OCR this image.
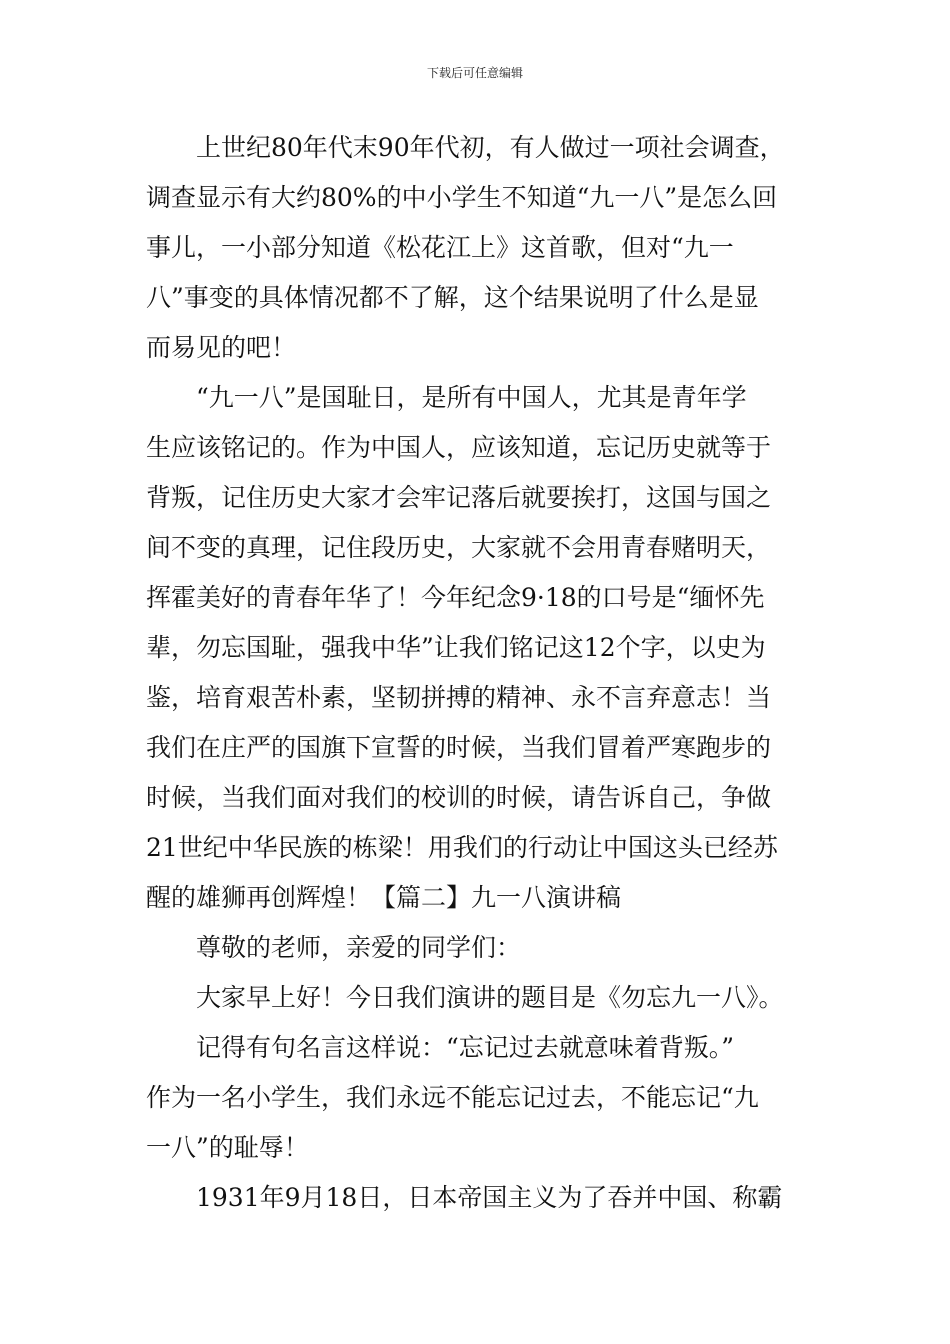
下载后可任意编辑
上世纪80年代末90年代初，有人做过一项社会调查，
调查显示有大约80%的中小学生不知道“九一八”是怎么回
事儿，一小部分知道《松花江上》这首歌，但对“九一
八”事变的具体情况都不了解，这个结果说明了什么是显
而易见的吧！
“九一八”是国耻日，是所有中国人，尤其是青年学
生应该铭记的。作为中国人，应该知道，忘记历史就等于
背叛，记住历史大家才会牢记落后就要挨打，这国与国之
间不变的真理，记住段历史，大家就不会用青春赌明天，
挥霍美好的青春年华了！今年纪念9·18的口号是“缅怀先
辈，勿忘国耻，强我中华”让我们铭记这12个字，以史为
鉴，培育艰苦朴素，坚韧拼搏的精神、永不言弃意志！当
我们在庄严的国旗下宣誓的时候，当我们冒着严寒跑步的
时候，当我们面对我们的校训的时候，请告诉自己，争做
21世纪中华民族的栋梁！用我们的行动让中国这头已经苏
醒的雄狮再创辉煌！【篇二】九一八演讲稿
尊敬的老师，亲爱的同学们：
大家早上好！今日我们演讲的题目是《勿忘九一八》。
记得有句名言这样说：“忘记过去就意味着背叛。”
作为一名小学生，我们永远不能忘记过去，不能忘记“九
一八”的耻辱！
1931年9月18日，日本帝国主义为了吞并中国、称霸
